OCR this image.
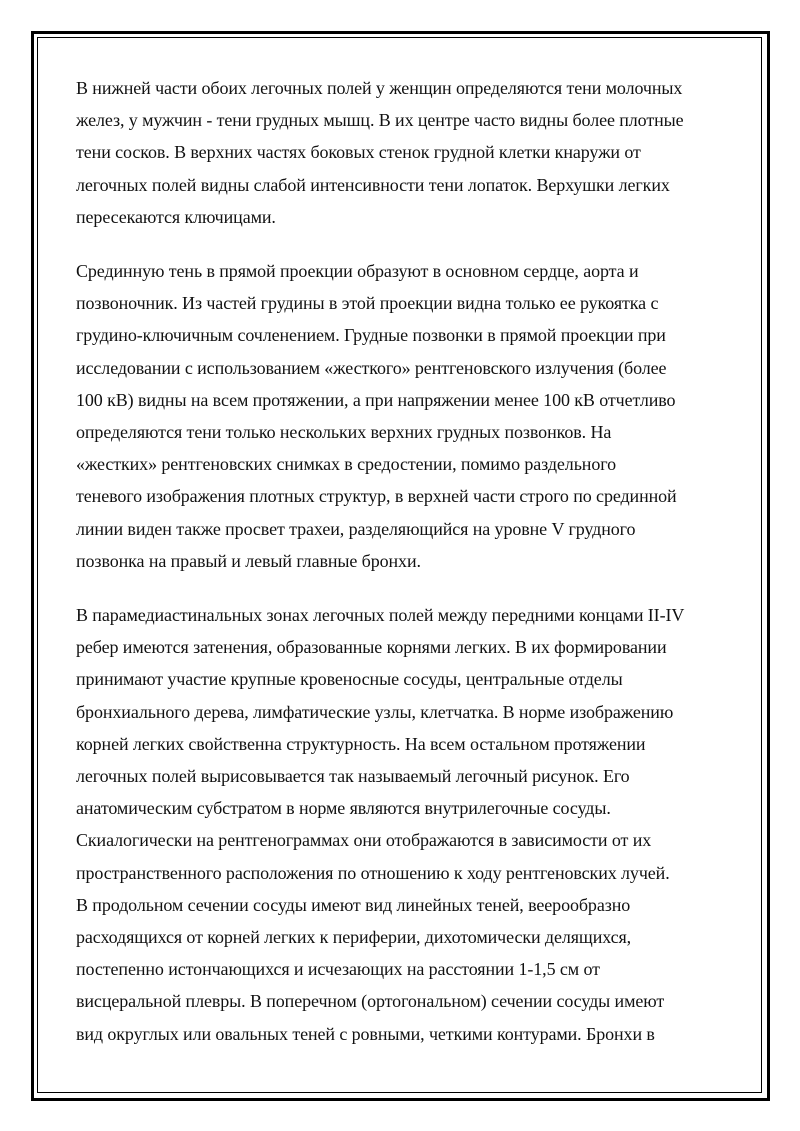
В нижней части обоих легочных полей у женщин определяются тени молочных
желез, у мужчин - тени грудных мышц. В их центре часто видны более плотные
тени сосков. В верхних частях боковых стенок грудной клетки кнаружи от
легочных полей видны слабой интенсивности тени лопаток. Верхушки легких
пересекаются ключицами.

Срединную тень в прямой проекции образуют в основном сердце, аорта и
позвоночник. Из частей грудины в этой проекции видна только ее рукоятка с
грудино-ключичным сочленением. Грудные позвонки в прямой проекции при
исследовании с использованием «жесткого» рентгеновского излучения (более
100 кВ) видны на всем протяжении, а при напряжении менее 100 кВ отчетливо
определяются тени только нескольких верхних грудных позвонков. На
«жестких» рентгеновских снимках в средостении, помимо раздельного
теневого изображения плотных структур, в верхней части строго по срединной
линии виден также просвет трахеи, разделяющийся на уровне V грудного
позвонка на правый и левый главные бронхи.

В парамедиастинальных зонах легочных полей между передними концами II-IV
ребер имеются затенения, образованные корнями легких. В их формировании
принимают участие крупные кровеносные сосуды, центральные отделы
бронхиального дерева, лимфатические узлы, клетчатка. В норме изображению
корней легких свойственна структурность. На всем остальном протяжении
легочных полей вырисовывается так называемый легочный рисунок. Его
анатомическим субстратом в норме являются внутрилегочные сосуды.
Скиалогически на рентгенограммах они отображаются в зависимости от их
пространственного расположения по отношению к ходу рентгеновских лучей.
В продольном сечении сосуды имеют вид линейных теней, веерообразно
расходящихся от корней легких к периферии, дихотомически делящихся,
постепенно истончающихся и исчезающих на расстоянии 1-1,5 см от
висцеральной плевры. В поперечном (ортогональном) сечении сосуды имеют
вид округлых или овальных теней с ровными, четкими контурами. Бронхи в
